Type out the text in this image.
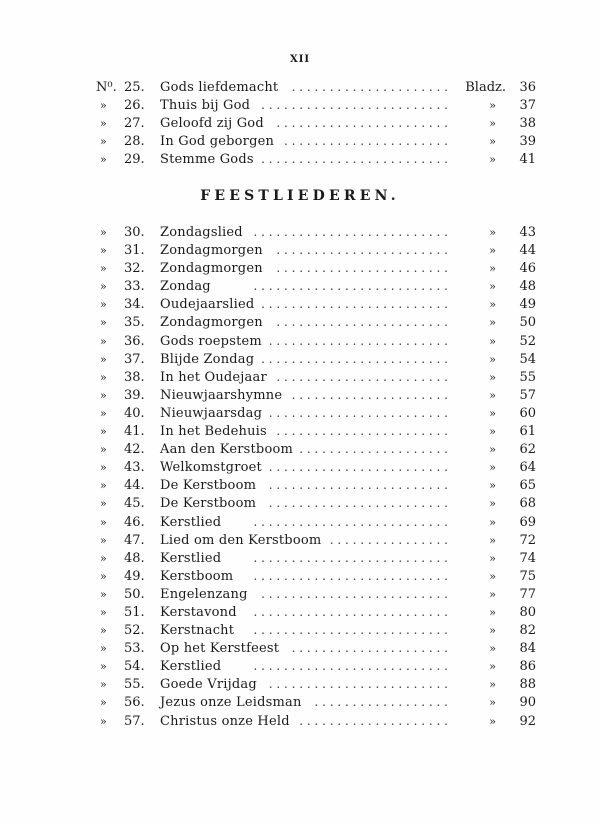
XII
N⁰. 25.	Gods liefdemacht	. . . . . . . . . . . . . . . . . . . . .	Bladz.	36
»	26.	Thuis bij God . . . . . . . . . . . . . . . . . . . . . . . . .	»	37
»	27.	Geloofd zij God	. . . . . . . . . . . . . . . . . . . . . . .	»	38
»	28.	In God geborgen . . . . . . . . . . . . . . . . . . . . . .	»	39
»	29.	Stemme Gods . . . . . . . . . . . . . . . . . . . . . . . . .	»	41
FEESTLIEDEREN.
»	30.	Zondagslied . . . . . . . . . . . . . . . . . . . . . . . . . .	»	43
»	31.	Zondagmorgen	. . . . . . . . . . . . . . . . . . . . . . .	»	44
»	32.	Zondagmorgen	. . . . . . . . . . . . . . . . . . . . . . .	»	46
»	33.	Zondag	. . . . . . . . . . . . . . . . . . . . . . . . . .	»	48
»	34.	Oudejaarslied . . . . . . . . . . . . . . . . . . . . . . . . .	»	49
»	35.	Zondagmorgen	. . . . . . . . . . . . . . . . . . . . . . .	»	50
»	36.	Gods roepstem . . . . . . . . . . . . . . . . . . . . . . . .	»	52
»	37.	Blijde Zondag . . . . . . . . . . . . . . . . . . . . . . . . .	»	54
»	38.	In het Oudejaar . . . . . . . . . . . . . . . . . . . . . . .	»	55
»	39.	Nieuwjaarshymne . . . . . . . . . . . . . . . . . . . . .	»	57
»	40.	Nieuwjaarsdag . . . . . . . . . . . . . . . . . . . . . . . .	»	60
»	41.	In het Bedehuis . . . . . . . . . . . . . . . . . . . . . . .	»	61
»	42.	Aan den Kerstboom . . . . . . . . . . . . . . . . . . . .	»	62
»	43.	Welkomstgroet . . . . . . . . . . . . . . . . . . . . . . . .	»	64
»	44.	De Kerstboom	. . . . . . . . . . . . . . . . . . . . . . . .	»	65
»	45.	De Kerstboom	. . . . . . . . . . . . . . . . . . . . . . . .	»	68
»	46.	Kerstlied	. . . . . . . . . . . . . . . . . . . . . . . . . .	»	69
»	47.	Lied om den Kerstboom . . . . . . . . . . . . . . . .	»	72
»	48.	Kerstlied	. . . . . . . . . . . . . . . . . . . . . . . . . .	»	74
»	49.	Kerstboom	. . . . . . . . . . . . . . . . . . . . . . . . . .	»	75
»	50.	Engelenzang	. . . . . . . . . . . . . . . . . . . . . . . . .	»	77
»	51.	Kerstavond	. . . . . . . . . . . . . . . . . . . . . . . . . .	»	80
»	52.	Kerstnacht	. . . . . . . . . . . . . . . . . . . . . . . . . .	»	82
»	53.	Op het Kerstfeest	. . . . . . . . . . . . . . . . . . . . .	»	84
»	54.	Kerstlied	. . . . . . . . . . . . . . . . . . . . . . . . . .	»	86
»	55.	Goede Vrijdag . . . . . . . . . . . . . . . . . . . . . . . .	»	88
»	56.	Jezus onze Leidsman	. . . . . . . . . . . . . . . . . .	»	90
»	57.	Christus onze Held . . . . . . . . . . . . . . . . . . . .	»	92
